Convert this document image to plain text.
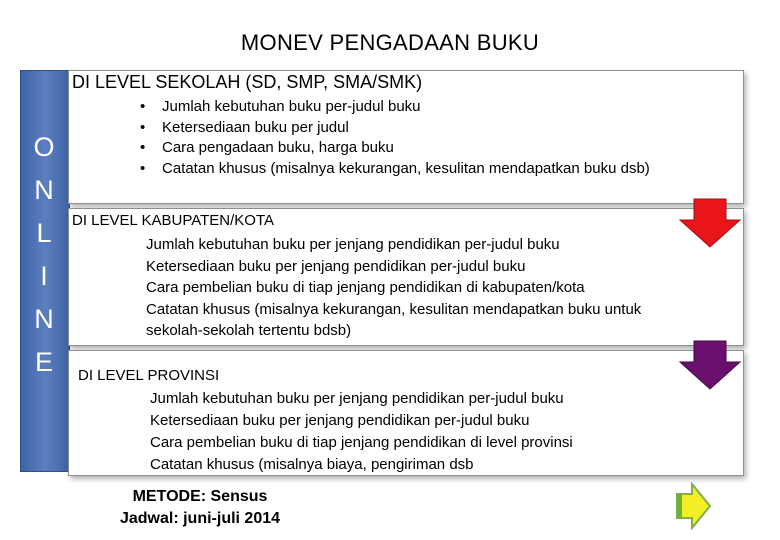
MONEV PENGADAAN BUKU
O
N
L
I
N
E
DI LEVEL SEKOLAH (SD, SMP, SMA/SMK)
• Jumlah kebutuhan buku per-judul buku
• Ketersediaan buku per judul
• Cara pengadaan buku, harga buku
• Catatan khusus (misalnya kekurangan, kesulitan mendapatkan buku dsb)
DI LEVEL KABUPATEN/KOTA
Jumlah kebutuhan buku per jenjang pendidikan per-judul buku
Ketersediaan buku per jenjang pendidikan per-judul buku
Cara pembelian buku di tiap jenjang pendidikan di kabupaten/kota
Catatan khusus (misalnya kekurangan, kesulitan mendapatkan buku untuk
sekolah-sekolah tertentu bdsb)
DI LEVEL PROVINSI
Jumlah kebutuhan buku per jenjang pendidikan per-judul buku
Ketersediaan buku per jenjang pendidikan per-judul buku
Cara pembelian buku di tiap jenjang pendidikan di level provinsi
Catatan khusus (misalnya biaya, pengiriman dsb
METODE: Sensus
Jadwal: juni-juli 2014
